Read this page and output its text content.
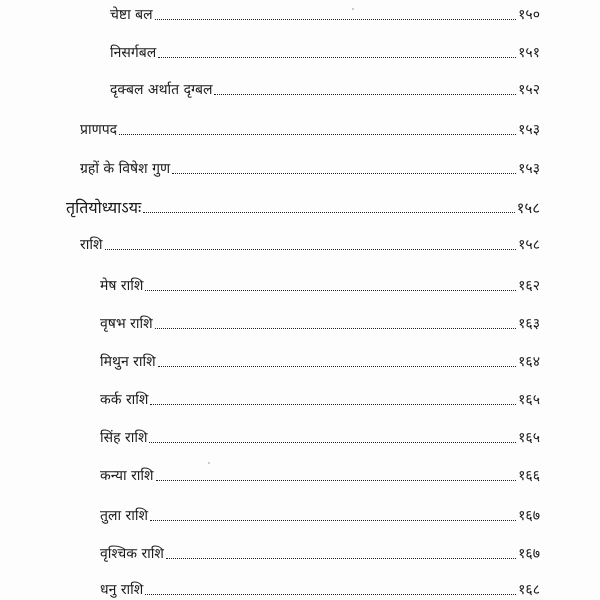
चेष्टा बल	१५०
निसर्गबल	१५१
दृक्बल अर्थात दृग्बल	१५२
प्राणपद	१५३
ग्रहों के विषेश गुण	१५३
तृतियोध्याऽयः	१५८
राशि	१५८
मेष राशि	१६२
वृषभ राशि	१६३
मिथुन राशि	१६४
कर्क राशि	१६५
सिंह राशि	१६५
कन्या राशि	१६६
तुला राशि	१६७
वृश्चिक राशि	१६७
धनु राशि	१६८
